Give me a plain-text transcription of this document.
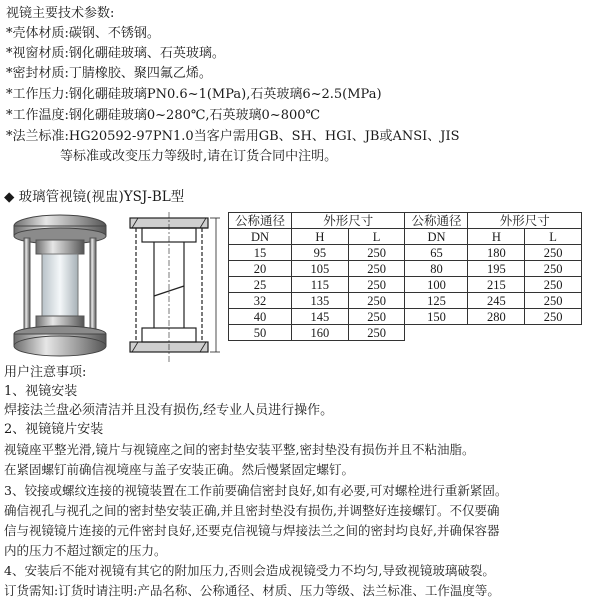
视镜主要技术参数:
*壳体材质:碳钢、不锈钢。
*视窗材质:钢化硼硅玻璃、石英玻璃。
*密封材质:丁腈橡胶、聚四氟乙烯。
*工作压力:钢化硼硅玻璃PN0.6~1(MPa),石英玻璃6~2.5(MPa)
*工作温度:钢化硼硅玻璃0~280℃,石英玻璃0~800℃
*法兰标准:HG20592-97PN1.0当客户需用GB、SH、HGI、JB或ANSI、JIS
等标准或改变压力等级时,请在订货合同中注明。
◆ 玻璃管视镜(视盅)YSJ-BL型
公称通径	外形尺寸		公称通径	外形尺寸	
DN	H	L	DN	H	L
15	95	250	65	180	250
20	105	250	80	195	250
25	115	250	100	215	250
32	135	250	125	245	250
40	145	250	150	280	250
50	160	250			
用户注意事项:
1、视镜安装
焊接法兰盘必须清洁并且没有损伤,经专业人员进行操作。
2、视镜镜片安装
视镜座平整光滑,镜片与视镜座之间的密封垫安装平整,密封垫没有损伤并且不粘油脂。
在紧固螺钉前确信视境座与盖子安装正确。然后慢紧固定螺钉。
3、铰接或螺纹连接的视镜装置在工作前要确信密封良好,如有必要,可对螺栓进行重新紧固。
确信视孔与视孔之间的密封垫安装正确,并且密封垫没有损伤,并调整好连接螺钉。不仅要确
信与视镜镜片连接的元件密封良好,还要克信视镜与焊接法兰之间的密封均良好,并确保容器
内的压力不超过额定的压力。
4、安装后不能对视镜有其它的附加压力,否则会造成视镜受力不均匀,导致视镜玻璃破裂。
订货需知:订货时请注明:产品名称、公称通径、材质、压力等级、法兰标准、工作温度等。
